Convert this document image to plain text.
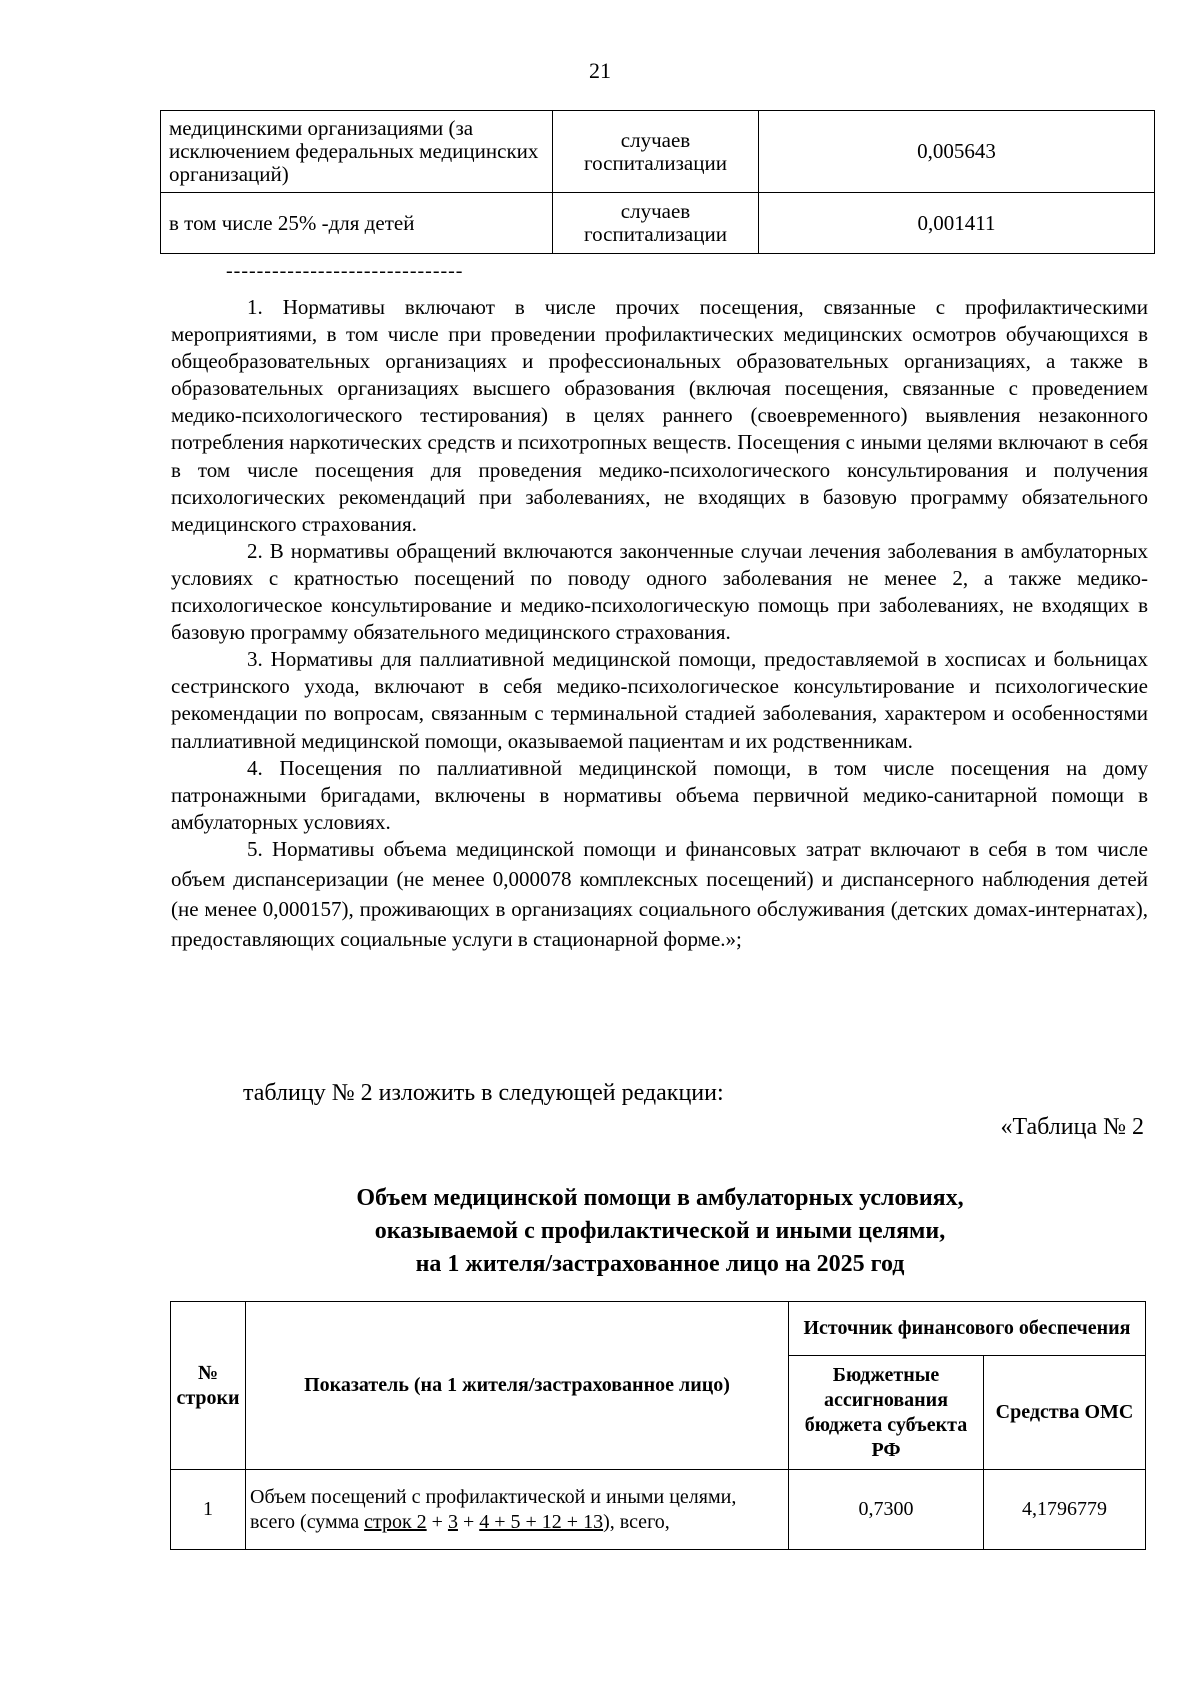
21
медицинскими организациями (за исключением федеральных медицинских организаций)	случаев госпитализации	0,005643
в том числе 25% -для детей	случаев госпитализации	0,001411
-------------------------------

1. Нормативы включают в числе прочих посещения, связанные с профилактическими мероприятиями, в том числе при проведении профилактических медицинских осмотров обучающихся в общеобразовательных организациях и профессиональных образовательных организациях, а также в образовательных организациях высшего образования (включая посещения, связанные с проведением медико-психологического тестирования) в целях раннего (своевременного) выявления незаконного потребления наркотических средств и психотропных веществ. Посещения с иными целями включают в себя в том числе посещения для проведения медико-психологического консультирования и получения психологических рекомендаций при заболеваниях, не входящих в базовую программу обязательного медицинского страхования.

2. В нормативы обращений включаются законченные случаи лечения заболевания в амбулаторных условиях с кратностью посещений по поводу одного заболевания не менее 2, а также медико-психологическое консультирование и медико-психологическую помощь при заболеваниях, не входящих в базовую программу обязательного медицинского страхования.

3. Нормативы для паллиативной медицинской помощи, предоставляемой в хосписах и больницах сестринского ухода, включают в себя медико-психологическое консультирование и психологические рекомендации по вопросам, связанным с терминальной стадией заболевания, характером и особенностями паллиативной медицинской помощи, оказываемой пациентам и их родственникам.

4. Посещения по паллиативной медицинской помощи, в том числе посещения на дому патронажными бригадами, включены в нормативы объема первичной медико-санитарной помощи в амбулаторных условиях.

5. Нормативы объема медицинской помощи и финансовых затрат включают в себя в том числе объем диспансеризации (не менее 0,000078 комплексных посещений) и диспансерного наблюдения детей (не менее 0,000157), проживающих в организациях социального обслуживания (детских домах-интернатах), предоставляющих социальные услуги в стационарной форме.»;

таблицу № 2 изложить в следующей редакции:
«Таблица № 2
Объем медицинской помощи в амбулаторных условиях,
оказываемой с профилактической и иными целями,
на 1 жителя/застрахованное лицо на 2025 год
№ строки	Показатель (на 1 жителя/застрахованное лицо)	Источник финансового обеспечения	
		Бюджетные ассигнования бюджета субъекта РФ	Средства ОМС
1	Объем посещений с профилактической и иными целями, всего (сумма строк 2 + 3 + 4 + 5 + 12 + 13), всего,	0,7300	4,1796779
